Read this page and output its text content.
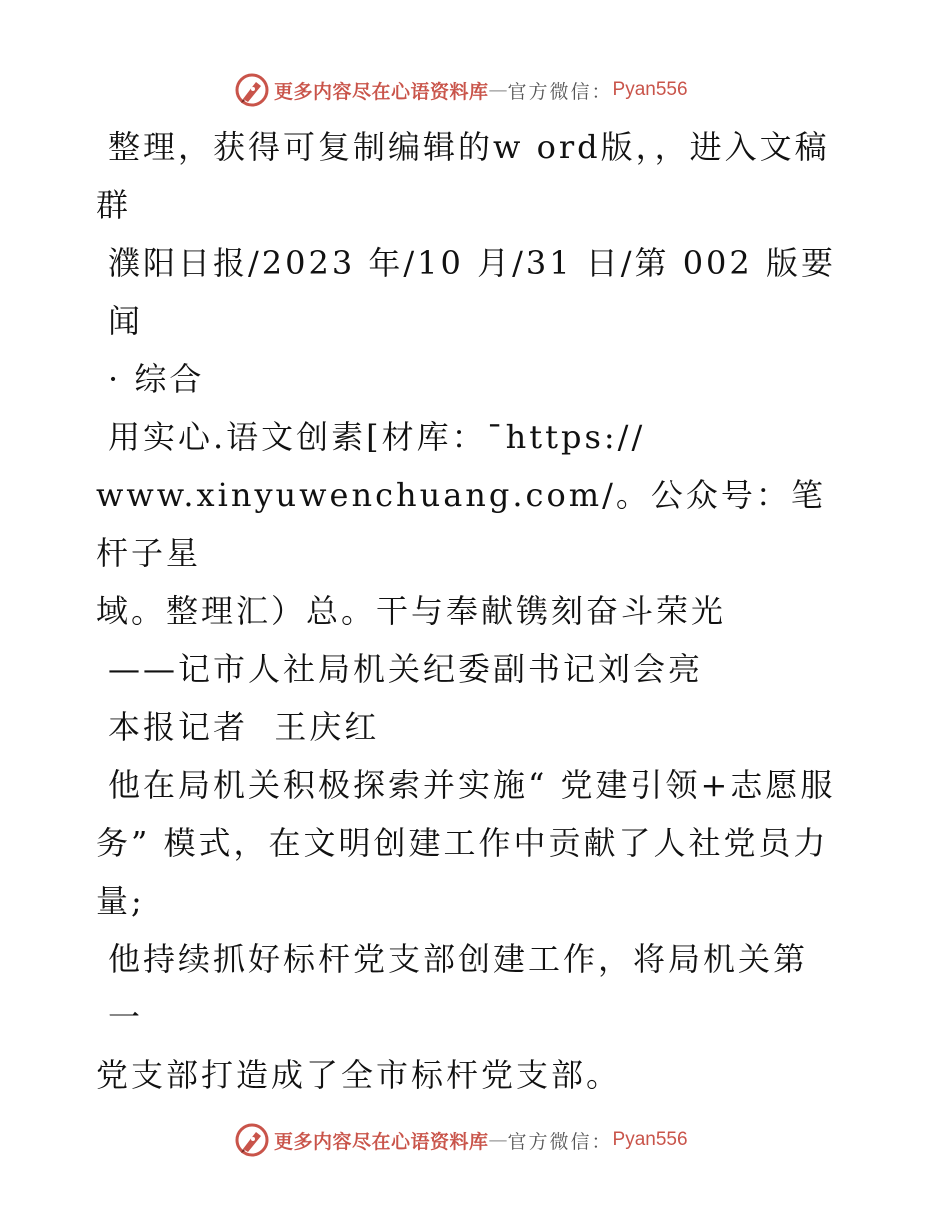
更多内容尽在心语资料库 — 官方微信： Pyan556

整理，获得可复制编辑的w ord版，，进入文稿

群

濮阳日报/2023 年/10 月/31 日/第 002 版要闻

· 综合

用实心.语文创素[材库：¯https://

www.xinyuwenchuang.com/。公众号：笔杆子星

域。整理汇）总。干与奉献镌刻奋斗荣光

——记市人社局机关纪委副书记刘会亮

本报记者  王庆红

他在局机关积极探索并实施“ 党建引领+志愿服

务” 模式，在文明创建工作中贡献了人社党员力

量;

他持续抓好标杆党支部创建工作，将局机关第一

党支部打造成了全市标杆党支部。

更多内容尽在心语资料库 — 官方微信： Pyan556
